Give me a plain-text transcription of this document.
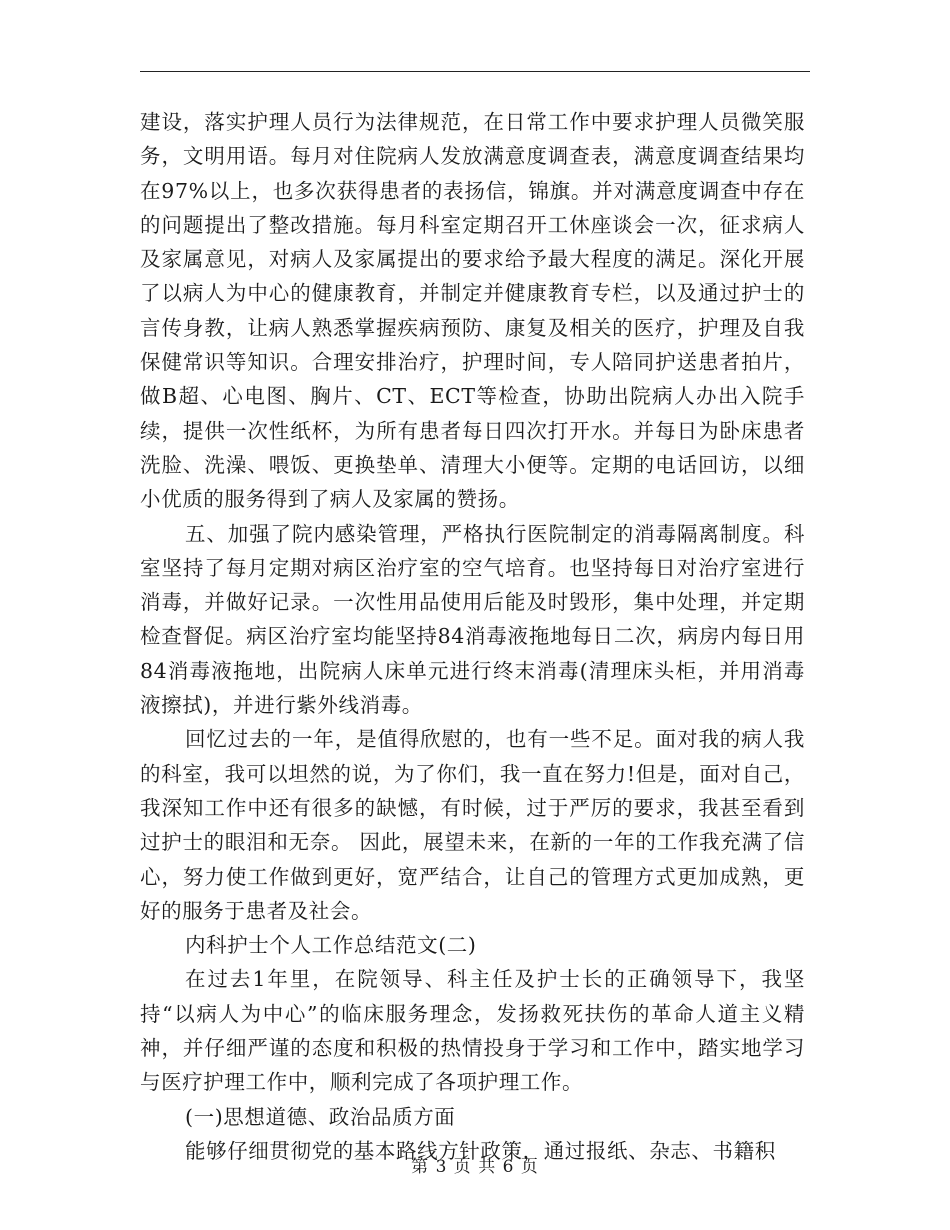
建设，落实护理人员行为法律规范，在日常工作中要求护理人员微笑服务，文明用语。每月对住院病人发放满意度调查表，满意度调查结果均在97%以上，也多次获得患者的表扬信，锦旗。并对满意度调查中存在的问题提出了整改措施。每月科室定期召开工休座谈会一次，征求病人及家属意见，对病人及家属提出的要求给予最大程度的满足。深化开展了以病人为中心的健康教育，并制定并健康教育专栏，以及通过护士的言传身教，让病人熟悉掌握疾病预防、康复及相关的医疗，护理及自我保健常识等知识。合理安排治疗，护理时间，专人陪同护送患者拍片，做B超、心电图、胸片、CT、ECT等检查，协助出院病人办出入院手续，提供一次性纸杯，为所有患者每日四次打开水。并每日为卧床患者洗脸、洗澡、喂饭、更换垫单、清理大小便等。定期的电话回访，以细小优质的服务得到了病人及家属的赞扬。

五、加强了院内感染管理，严格执行医院制定的消毒隔离制度。科室坚持了每月定期对病区治疗室的空气培育。也坚持每日对治疗室进行消毒，并做好记录。一次性用品使用后能及时毁形，集中处理，并定期检查督促。病区治疗室均能坚持84消毒液拖地每日二次，病房内每日用84消毒液拖地，出院病人床单元进行终末消毒(清理床头柜，并用消毒液擦拭)，并进行紫外线消毒。

回忆过去的一年，是值得欣慰的，也有一些不足。面对我的病人我的科室，我可以坦然的说，为了你们，我一直在努力!但是，面对自己，我深知工作中还有很多的缺憾，有时候，过于严厉的要求，我甚至看到过护士的眼泪和无奈。 因此，展望未来，在新的一年的工作我充满了信心，努力使工作做到更好，宽严结合，让自己的管理方式更加成熟，更好的服务于患者及社会。

内科护士个人工作总结范文(二)

在过去1年里，在院领导、科主任及护士长的正确领导下，我坚持“以病人为中心”的临床服务理念，发扬救死扶伤的革命人道主义精神，并仔细严谨的态度和积极的热情投身于学习和工作中，踏实地学习与医疗护理工作中，顺利完成了各项护理工作。

(一)思想道德、政治品质方面

能够仔细贯彻党的基本路线方针政策，通过报纸、杂志、书籍积

第 3 页 共 6 页
